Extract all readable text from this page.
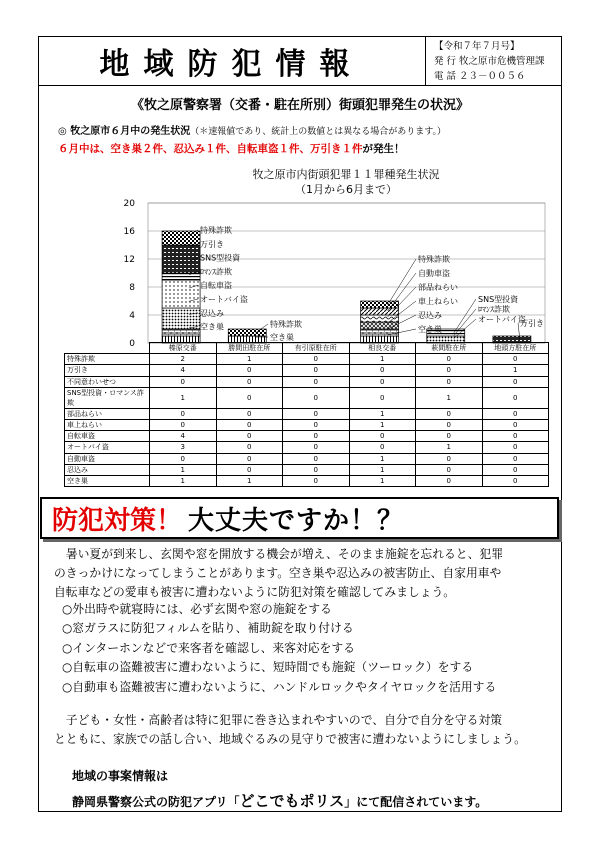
地域防犯情報	【令和７年７月号】
発 行 牧之原市危機管理課
電 話 ２３－００５６
《牧之原警察署（交番・駐在所別）街頭犯罪発生の状況》
◎ 牧之原市６月中の発生状況（＊速報値であり、統計上の数値とは異なる場合があります。）
６月中は、空き巣２件、忍込み１件、自転車盗１件、万引き１件が発生！
牧之原市内街頭犯罪１１罪種発生状況
（1月から6月まで）
特殊詐欺
万引き
SNS型投資
ﾛﾏﾝｽ詐欺
自転車盗
オートバイ盗
忍込み
空き巣	特殊詐欺
空き巣
特殊詐欺
自動車盗
部品ねらい
車上ねらい
忍込み
空き巣
SNS型投資
ﾛﾏﾝｽ詐欺
オートバイ盗
万引き
0
4
8
12
16
20
	榛原交番	勝間田駐在所	有引原駐在所	相良交番	萩間駐在所	地頭方駐在所
特殊詐欺	2	1	0	1	0	0
万引き	4	0	0	0	0	1
不同意わいせつ	0	0	0	0	0	0
SNS型投資・ロマンス詐欺	1	0	0	0	1	0
部品ねらい	0	0	0	1	0	0
車上ねらい	0	0	0	1	0	0
自転車盗	4	0	0	0	0	0
オートバイ盗	3	0	0	0	1	0
自動車盗	0	0	0	1	0	0
忍込み	1	0	0	1	0	0
空き巣	1	1	0	1	0	0
防犯対策！ 大丈夫ですか！？
　暑い夏が到来し、玄関や窓を開放する機会が増え、そのまま施錠を忘れると、犯罪
のきっかけになってしまうことがあります。空き巣や忍込みの被害防止、自家用車や
自転車などの愛車も被害に遭わないように防犯対策を確認してみましょう。
○外出時や就寝時には、必ず玄関や窓の施錠をする
○窓ガラスに防犯フィルムを貼り、補助錠を取り付ける
○インターホンなどで来客者を確認し、来客対応をする
○自転車の盗難被害に遭わないように、短時間でも施錠（ツーロック）をする
○自動車も盗難被害に遭わないように、ハンドルロックやタイヤロックを活用する
　子ども・女性・高齢者は特に犯罪に巻き込まれやすいので、自分で自分を守る対策
とともに、家族での話し合い、地域ぐるみの見守りで被害に遭わないようにしましょう。
地域の事案情報は
静岡県警察公式の防犯アプリ「どこでもポリス」にて配信されています。
